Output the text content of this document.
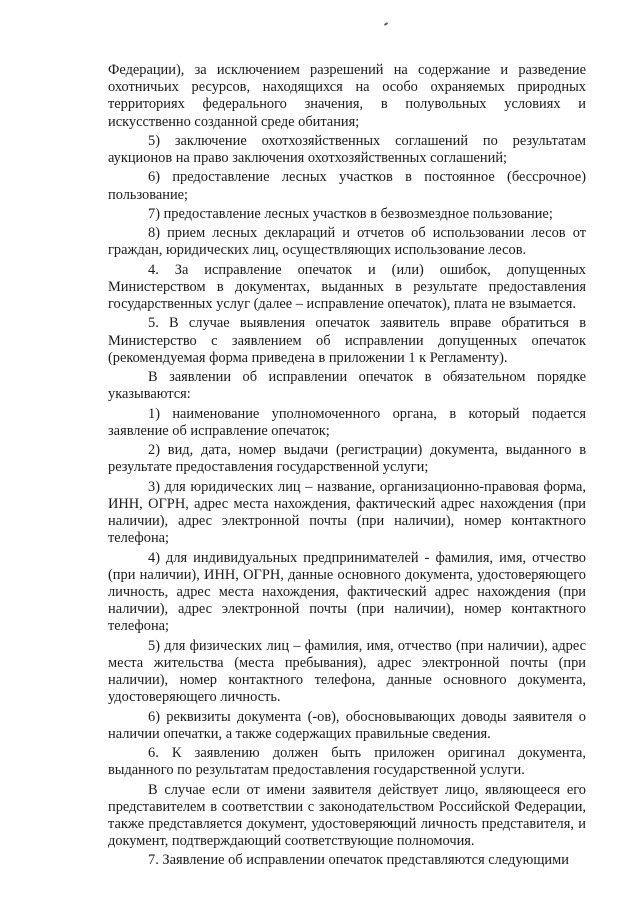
Федерации), за исключением разрешений на содержание и разведение охотничьих ресурсов, находящихся на особо охраняемых природных территориях федерального значения, в полувольных условиях и искусственно созданной среде обитания;

5) заключение охотхозяйственных соглашений по результатам аукционов на право заключения охотхозяйственных соглашений;

6) предоставление лесных участков в постоянное (бессрочное) пользование;

7) предоставление лесных участков в безвозмездное пользование;

8) прием лесных деклараций и отчетов об использовании лесов от граждан, юридических лиц, осуществляющих использование лесов.

4. За исправление опечаток и (или) ошибок, допущенных Министерством в документах, выданных в результате предоставления государственных услуг (далее – исправление опечаток), плата не взымается.

5. В случае выявления опечаток заявитель вправе обратиться в Министерство с заявлением об исправлении допущенных опечаток (рекомендуемая форма приведена в приложении 1 к Регламенту).

В заявлении об исправлении опечаток в обязательном порядке указываются:

1) наименование уполномоченного органа, в который подается заявление об исправление опечаток;

2) вид, дата, номер выдачи (регистрации) документа, выданного в результате предоставления государственной услуги;

3) для юридических лиц – название, организационно-правовая форма, ИНН, ОГРН, адрес места нахождения, фактический адрес нахождения (при наличии), адрес электронной почты (при наличии), номер контактного телефона;

4) для индивидуальных предпринимателей - фамилия, имя, отчество (при наличии), ИНН, ОГРН, данные основного документа, удостоверяющего личность, адрес места нахождения, фактический адрес нахождения (при наличии), адрес электронной почты (при наличии), номер контактного телефона;

5) для физических лиц – фамилия, имя, отчество (при наличии), адрес места жительства (места пребывания), адрес электронной почты (при наличии), номер контактного телефона, данные основного документа, удостоверяющего личность.

6) реквизиты документа (-ов), обосновывающих доводы заявителя о наличии опечатки, а также содержащих правильные сведения.

6. К заявлению должен быть приложен оригинал документа, выданного по результатам предоставления государственной услуги.

В случае если от имени заявителя действует лицо, являющееся его представителем в соответствии с законодательством Российской Федерации, также представляется документ, удостоверяющий личность представителя, и документ, подтверждающий соответствующие полномочия.

7. Заявление об исправлении опечаток представляются следующими
